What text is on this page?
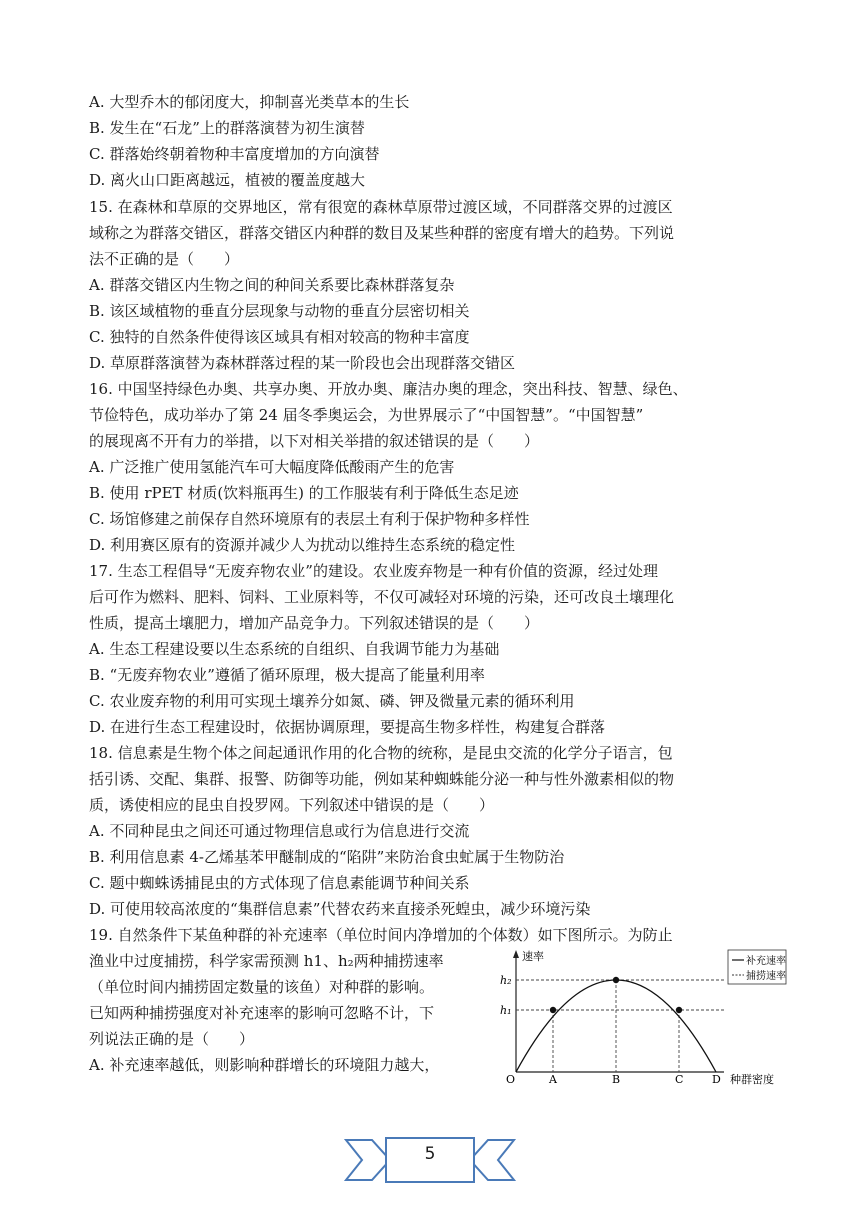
A. 大型乔木的郁闭度大，抑制喜光类草本的生长
B. 发生在“石龙”上的群落演替为初生演替
C. 群落始终朝着物种丰富度增加的方向演替
D. 离火山口距离越远，植被的覆盖度越大
15. 在森林和草原的交界地区，常有很宽的森林草原带过渡区域，不同群落交界的过渡区
域称之为群落交错区，群落交错区内种群的数目及某些种群的密度有增大的趋势。下列说
法不正确的是（　　）
A. 群落交错区内生物之间的种间关系要比森林群落复杂
B. 该区域植物的垂直分层现象与动物的垂直分层密切相关
C. 独特的自然条件使得该区域具有相对较高的物种丰富度
D. 草原群落演替为森林群落过程的某一阶段也会出现群落交错区
16. 中国坚持绿色办奥、共享办奥、开放办奥、廉洁办奥的理念，突出科技、智慧、绿色、
节俭特色，成功举办了第 24 届冬季奥运会，为世界展示了“中国智慧”。“中国智慧”
的展现离不开有力的举措，以下对相关举措的叙述错误的是（　　）
A. 广泛推广使用氢能汽车可大幅度降低酸雨产生的危害
B. 使用 rPET 材质(饮料瓶再生) 的工作服装有利于降低生态足迹
C. 场馆修建之前保存自然环境原有的表层土有利于保护物种多样性
D. 利用赛区原有的资源并减少人为扰动以维持生态系统的稳定性
17. 生态工程倡导“无废弃物农业”的建设。农业废弃物是一种有价值的资源，经过处理
后可作为燃料、肥料、饲料、工业原料等，不仅可减轻对环境的污染，还可改良土壤理化
性质，提高土壤肥力，增加产品竞争力。下列叙述错误的是（　　）
A. 生态工程建设要以生态系统的自组织、自我调节能力为基础
B. “无废弃物农业”遵循了循环原理，极大提高了能量利用率
C. 农业废弃物的利用可实现土壤养分如氮、磷、钾及微量元素的循环利用
D. 在进行生态工程建设时，依据协调原理，要提高生物多样性，构建复合群落
18. 信息素是生物个体之间起通讯作用的化合物的统称，是昆虫交流的化学分子语言，包
括引诱、交配、集群、报警、防御等功能，例如某种蜘蛛能分泌一种与性外激素相似的物
质，诱使相应的昆虫自投罗网。下列叙述中错误的是（　　）
A. 不同种昆虫之间还可通过物理信息或行为信息进行交流
B. 利用信息素 4-乙烯基苯甲醚制成的“陷阱”来防治食虫虻属于生物防治
C. 题中蜘蛛诱捕昆虫的方式体现了信息素能调节种间关系
D. 可使用较高浓度的“集群信息素”代替农药来直接杀死蝗虫，减少环境污染
19. 自然条件下某鱼种群的补充速率（单位时间内净增加的个体数）如下图所示。为防止
渔业中过度捕捞，科学家需预测 h1、h₂两种捕捞速率
（单位时间内捕捞固定数量的该鱼）对种群的影响。
已知两种捕捞强度对补充速率的影响可忽略不计，下
列说法正确的是（　　）
A. 补充速率越低，则影响种群增长的环境阻力越大，
速率
O	种群密度
h₂
h₁
A	B	C	D
补充速率
捕捞速率
5
